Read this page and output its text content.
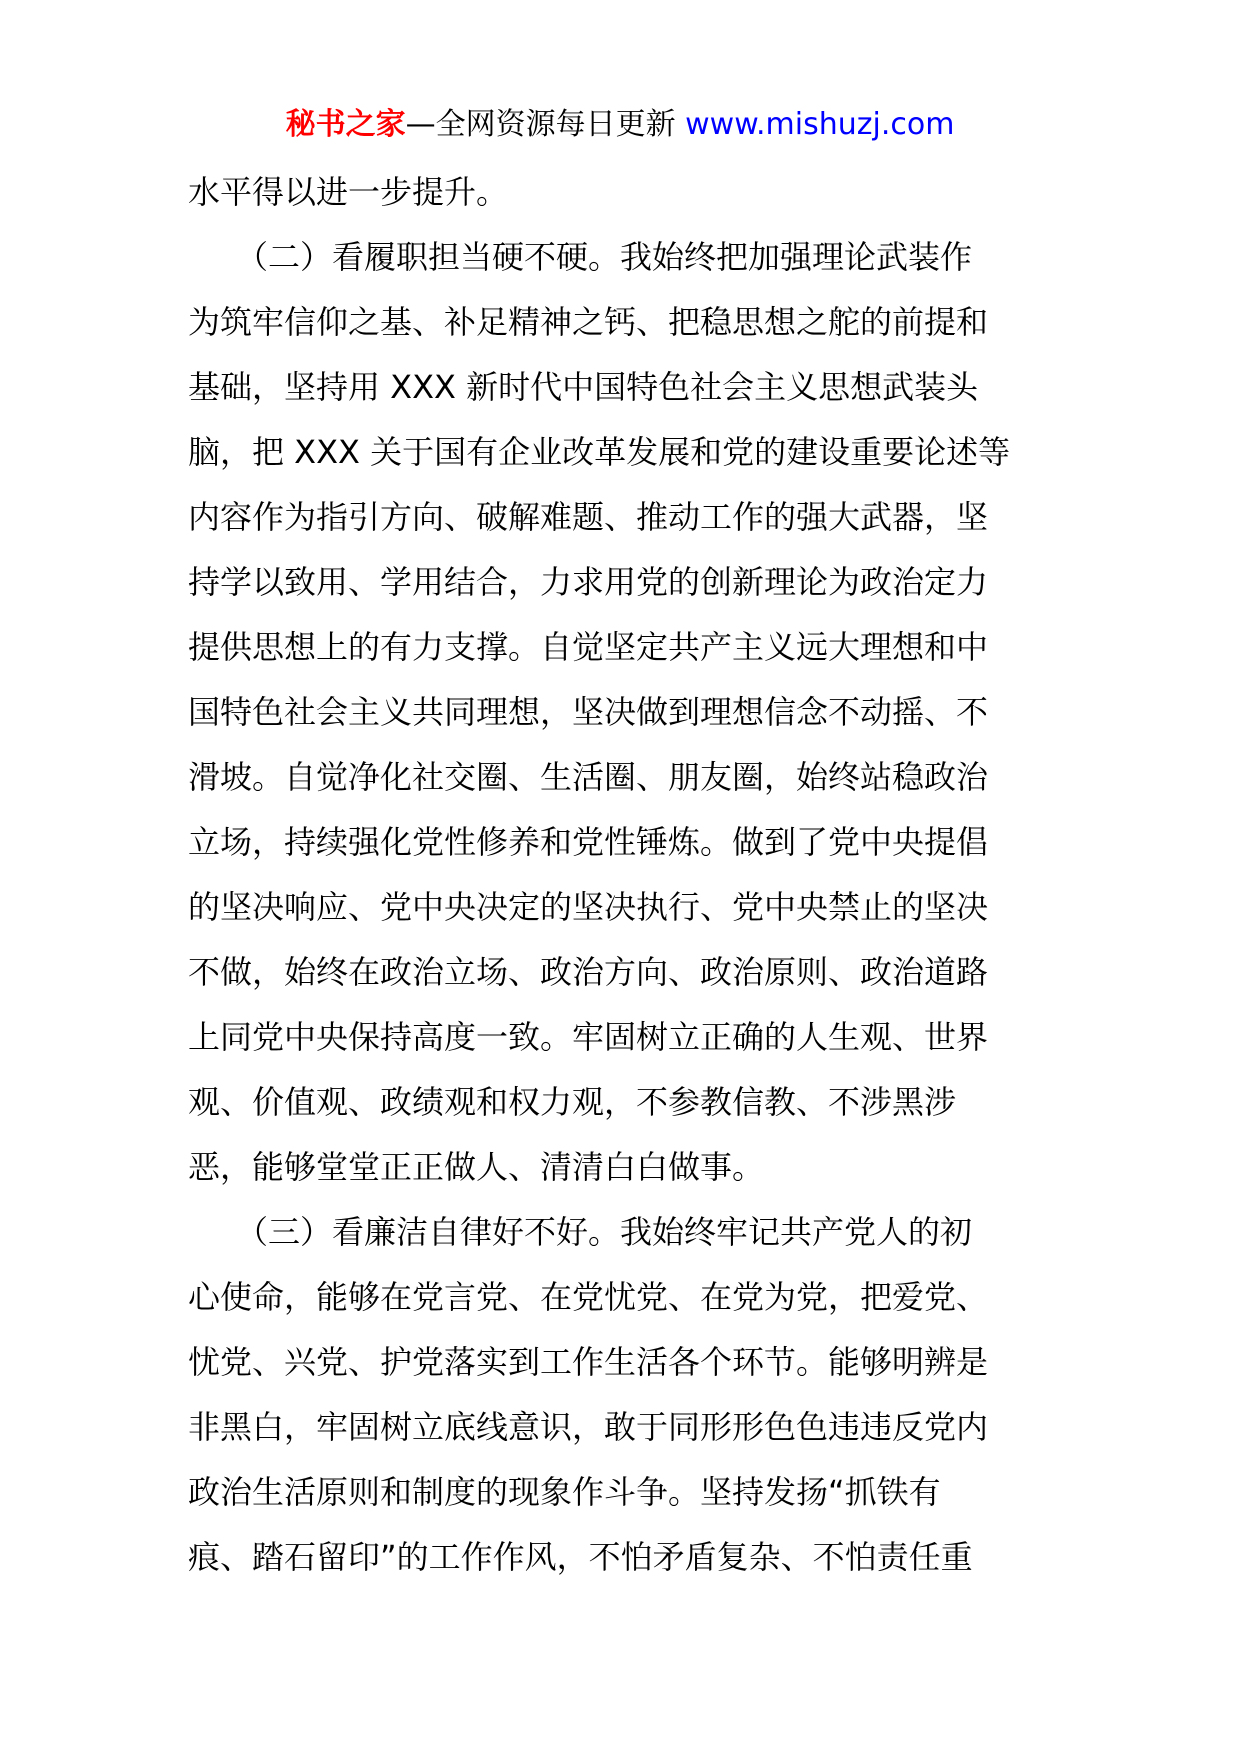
秘书之家—全网资源每日更新 www.mishuzj.com
水平得以进一步提升。
　　（二）看履职担当硬不硬。我始终把加强理论武装作
为筑牢信仰之基、补足精神之钙、把稳思想之舵的前提和
基础，坚持用 XXX 新时代中国特色社会主义思想武装头
脑，把 XXX 关于国有企业改革发展和党的建设重要论述等
内容作为指引方向、破解难题、推动工作的强大武器，坚
持学以致用、学用结合，力求用党的创新理论为政治定力
提供思想上的有力支撑。自觉坚定共产主义远大理想和中
国特色社会主义共同理想，坚决做到理想信念不动摇、不
滑坡。自觉净化社交圈、生活圈、朋友圈，始终站稳政治
立场，持续强化党性修养和党性锤炼。做到了党中央提倡
的坚决响应、党中央决定的坚决执行、党中央禁止的坚决
不做，始终在政治立场、政治方向、政治原则、政治道路
上同党中央保持高度一致。牢固树立正确的人生观、世界
观、价值观、政绩观和权力观，不参教信教、不涉黑涉
恶，能够堂堂正正做人、清清白白做事。
　　（三）看廉洁自律好不好。我始终牢记共产党人的初
心使命，能够在党言党、在党忧党、在党为党，把爱党、
忧党、兴党、护党落实到工作生活各个环节。能够明辨是
非黑白，牢固树立底线意识，敢于同形形色色违违反党内
政治生活原则和制度的现象作斗争。坚持发扬“抓铁有
痕、踏石留印”的工作作风，不怕矛盾复杂、不怕责任重
